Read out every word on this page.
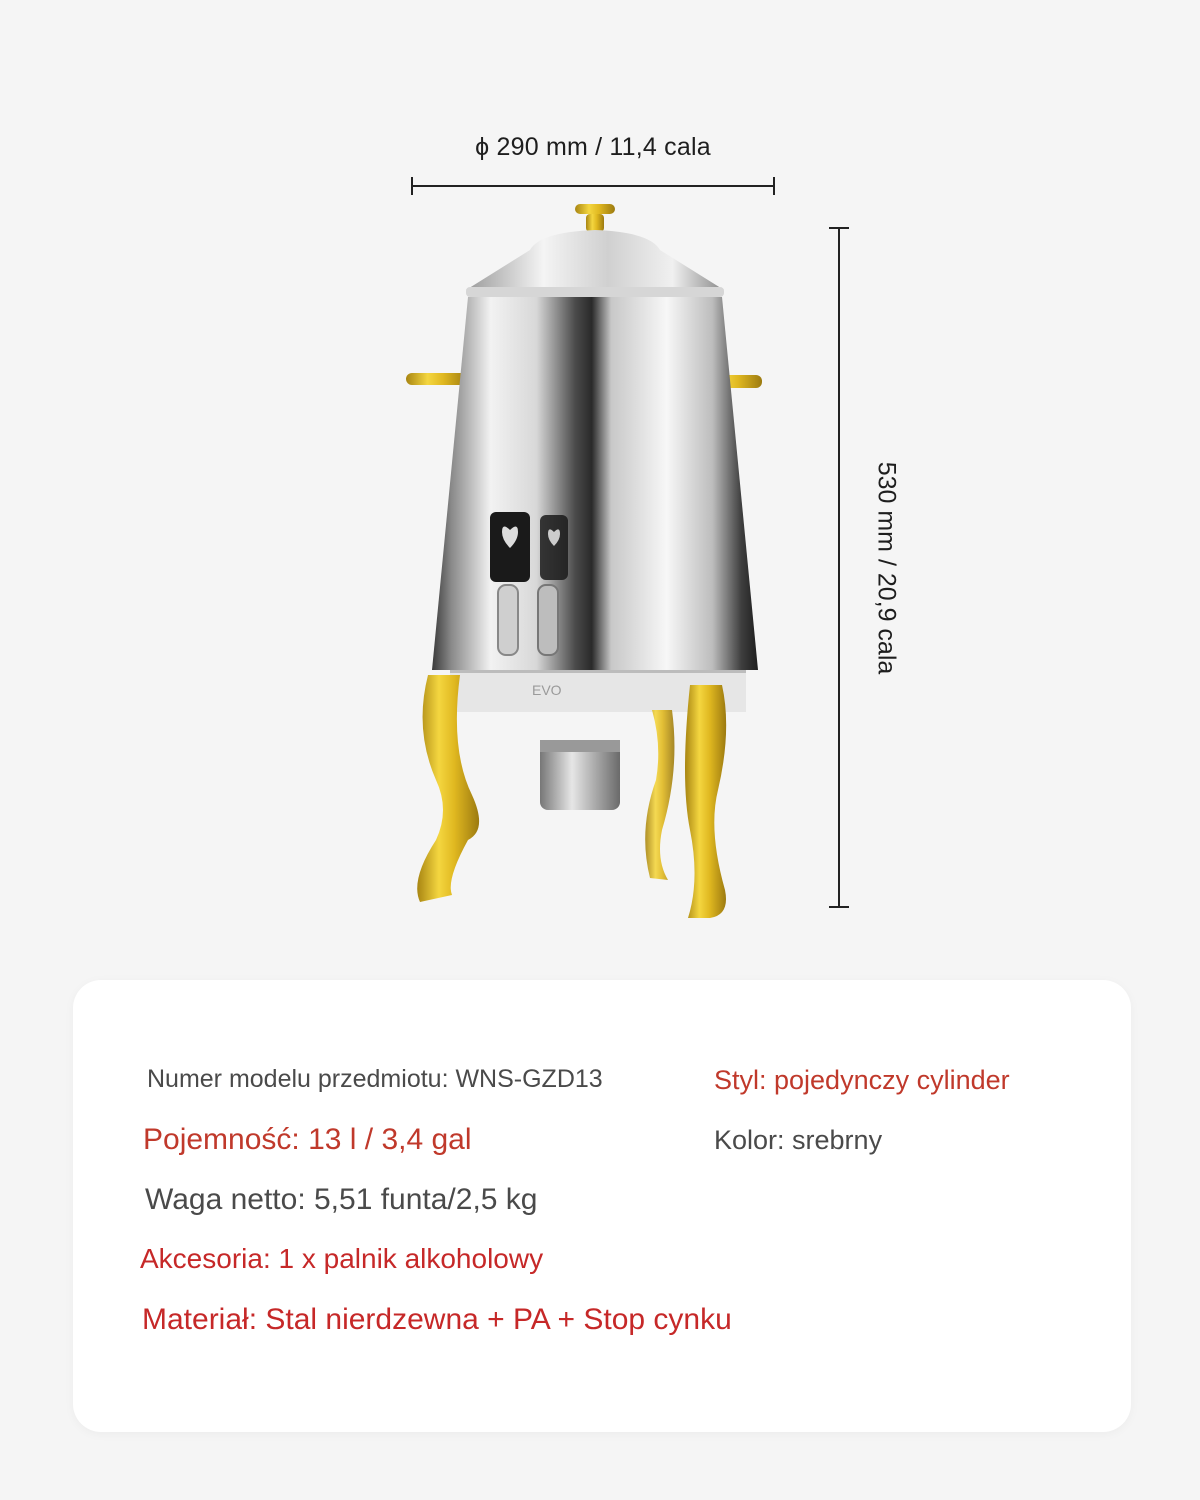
ϕ 290 mm / 11,4 cala
530 mm / 20,9 cala
EVO
Numer modelu przedmiotu: WNS-GZD13	Styl: pojedynczy cylinder
Pojemność: 13 l / 3,4 gal	Kolor: srebrny
Waga netto: 5,51 funta/2,5 kg
Akcesoria: 1 x palnik alkoholowy
Materiał: Stal nierdzewna + PA + Stop cynku
